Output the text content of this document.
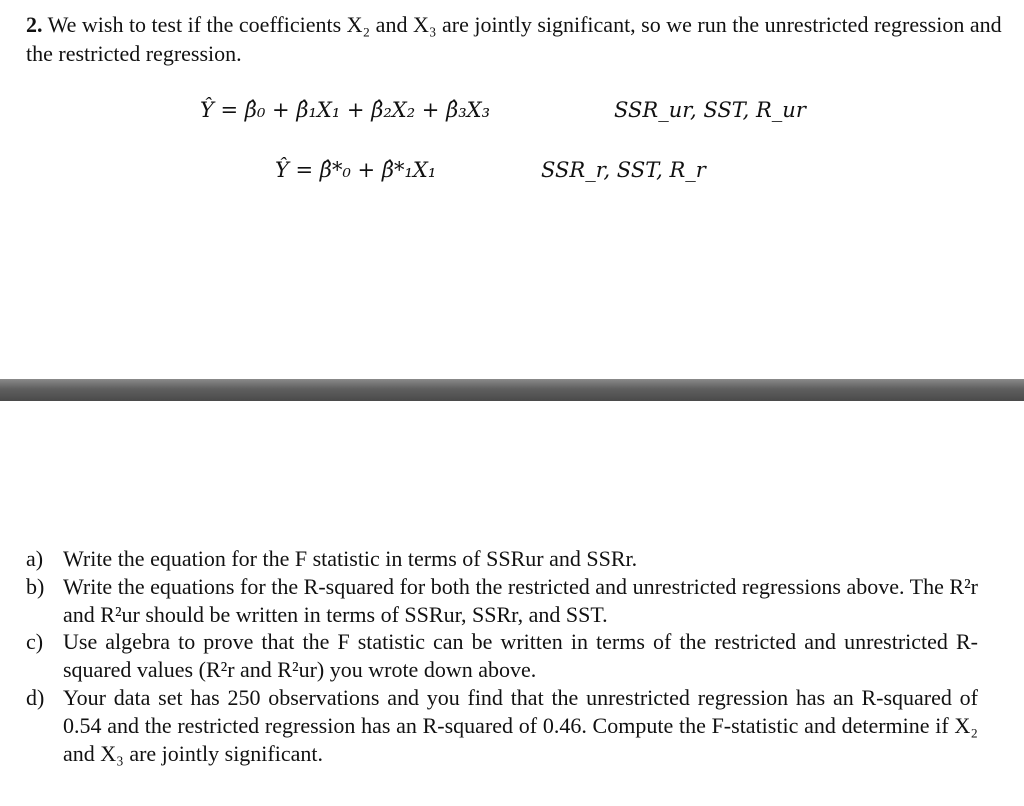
2. We wish to test if the coefficients X₂ and X₃ are jointly significant, so we run the unrestricted regression and the restricted regression.
Ŷ = β̂₀ + β̂₁X₁ + β̂₂X₂ + β̂₃X₃	SSR_ur, SST, R_ur
Ŷ = β̂*₀ + β̂*₁X₁	SSR_r, SST, R_r
a) Write the equation for the F statistic in terms of SSRur and SSRr.
b) Write the equations for the R-squared for both the restricted and unrestricted regressions above. The R²r and R²ur should be written in terms of SSRur, SSRr, and SST.
c) Use algebra to prove that the F statistic can be written in terms of the restricted and unrestricted R-squared values (R²r and R²ur) you wrote down above.
d) Your data set has 250 observations and you find that the unrestricted regression has an R-squared of 0.54 and the restricted regression has an R-squared of 0.46. Compute the F-statistic and determine if X₂ and X₃ are jointly significant.
